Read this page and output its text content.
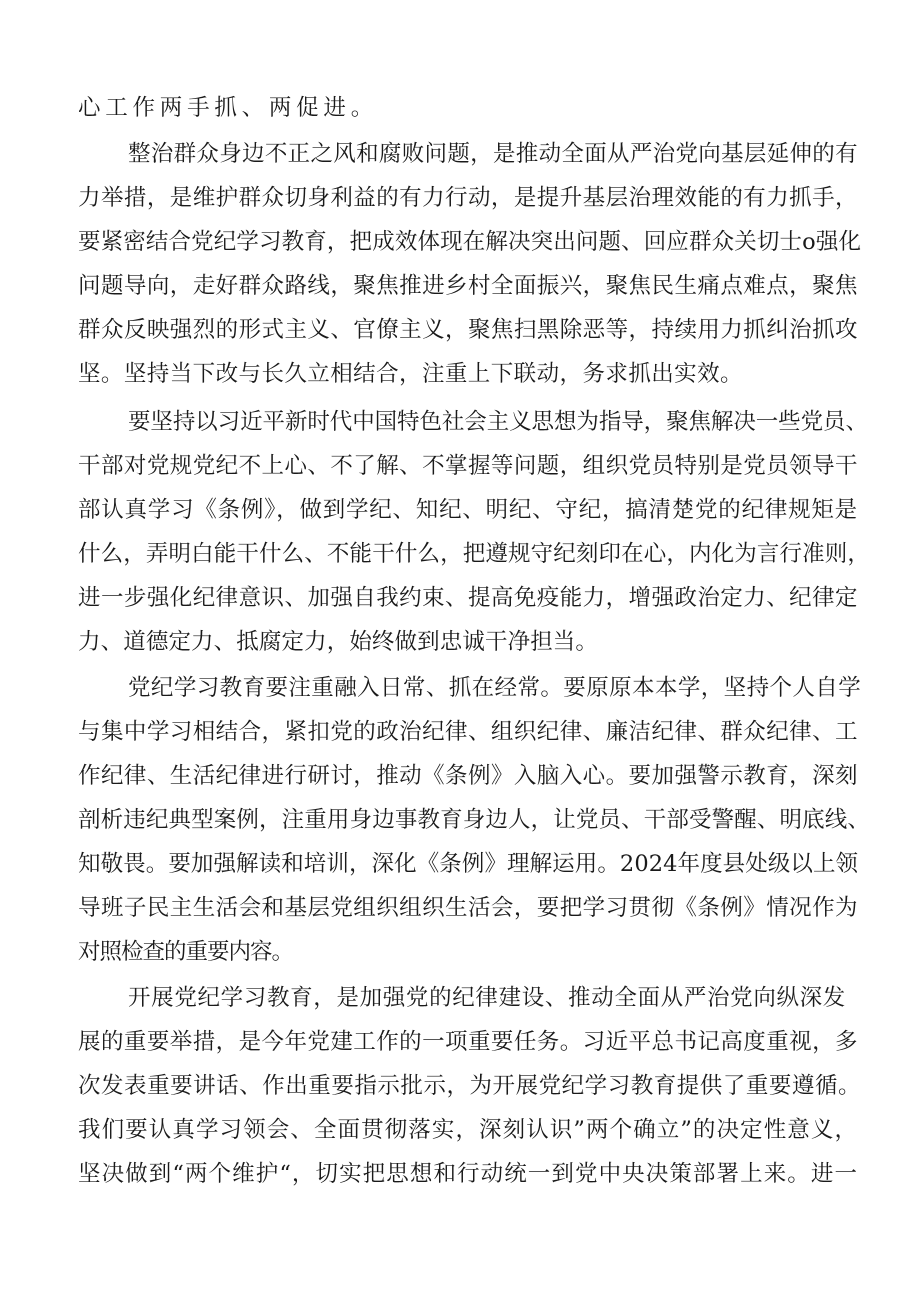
心工作两手抓、两促进。
整治群众身边不正之风和腐败问题，是推动全面从严治党向基层延伸的有
力举措，是维护群众切身利益的有力行动，是提升基层治理效能的有力抓手，
要紧密结合党纪学习教育，把成效体现在解决突出问题、回应群众关切士o强化
问题导向，走好群众路线，聚焦推进乡村全面振兴，聚焦民生痛点难点，聚焦
群众反映强烈的形式主义、官僚主义，聚焦扫黑除恶等，持续用力抓纠治抓攻
坚。坚持当下改与长久立相结合，注重上下联动，务求抓出实效。
要坚持以习近平新时代中国特色社会主义思想为指导，聚焦解决一些党员、
干部对党规党纪不上心、不了解、不掌握等问题，组织党员特别是党员领导干
部认真学习《条例》，做到学纪、知纪、明纪、守纪，搞清楚党的纪律规矩是
什么，弄明白能干什么、不能干什么，把遵规守纪刻印在心，内化为言行准则，
进一步强化纪律意识、加强自我约束、提高免疫能力，增强政治定力、纪律定
力、道德定力、抵腐定力，始终做到忠诚干净担当。
党纪学习教育要注重融入日常、抓在经常。要原原本本学，坚持个人自学
与集中学习相结合，紧扣党的政治纪律、组织纪律、廉洁纪律、群众纪律、工
作纪律、生活纪律进行研讨，推动《条例》入脑入心。要加强警示教育，深刻
剖析违纪典型案例，注重用身边事教育身边人，让党员、干部受警醒、明底线、
知敬畏。要加强解读和培训，深化《条例》理解运用。2024年度县处级以上领
导班子民主生活会和基层党组织组织生活会，要把学习贯彻《条例》情况作为
对照检查的重要内容。
开展党纪学习教育，是加强党的纪律建设、推动全面从严治党向纵深发
展的重要举措，是今年党建工作的一项重要任务。习近平总书记高度重视，多
次发表重要讲话、作出重要指示批示，为开展党纪学习教育提供了重要遵循。
我们要认真学习领会、全面贯彻落实，深刻认识”两个确立”的决定性意义，
坚决做到“两个维护“，切实把思想和行动统一到党中央决策部署上来。进一
